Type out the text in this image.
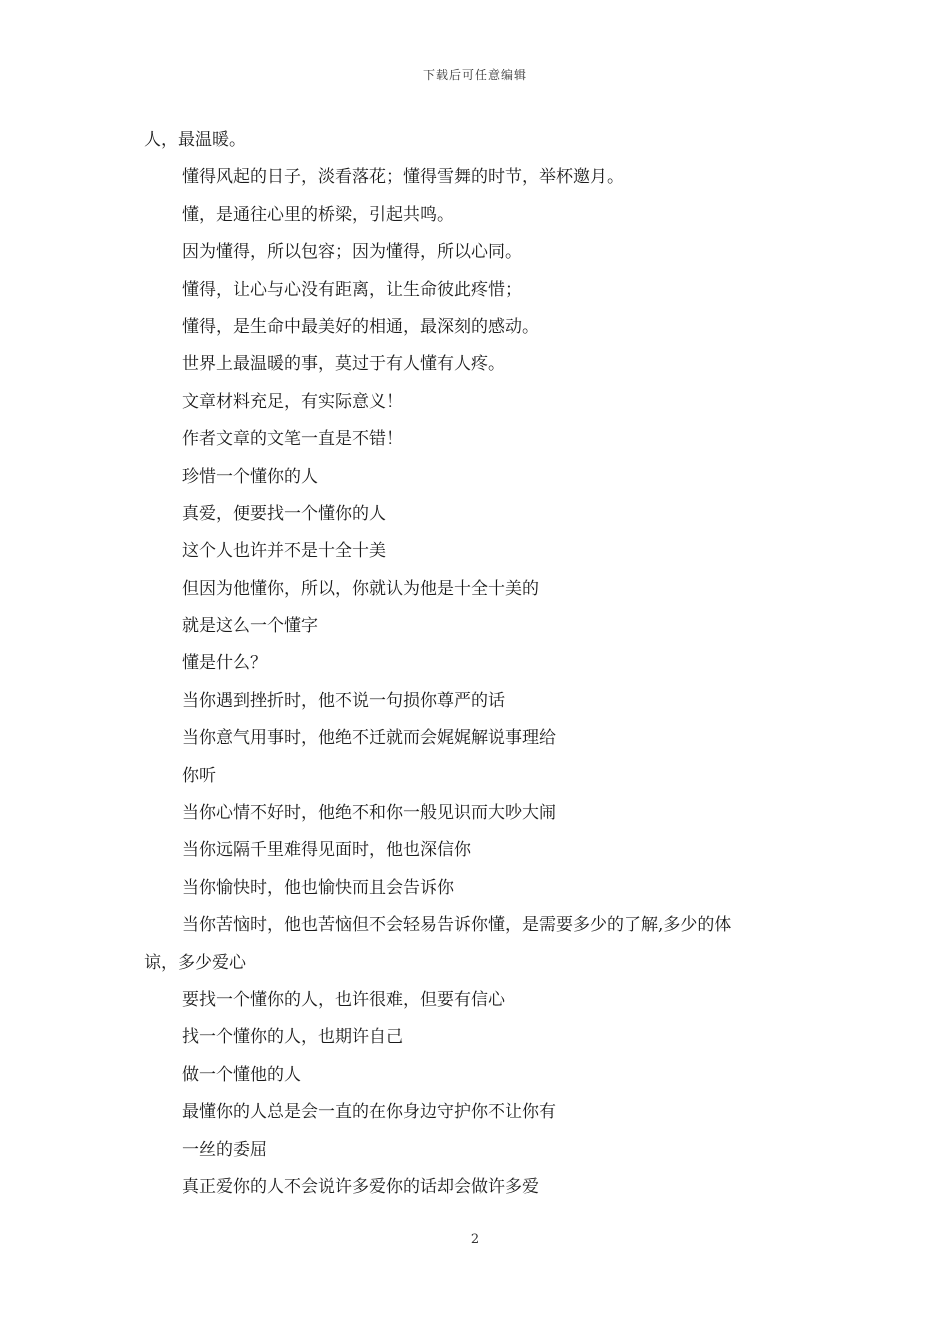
下载后可任意编辑
人，最温暖。
懂得风起的日子，淡看落花；懂得雪舞的时节，举杯邀月。
懂，是通往心里的桥梁，引起共鸣。
因为懂得，所以包容；因为懂得，所以心同。
懂得，让心与心没有距离，让生命彼此疼惜；
懂得，是生命中最美好的相通，最深刻的感动。
世界上最温暖的事，莫过于有人懂有人疼。
文章材料充足，有实际意义！
作者文章的文笔一直是不错！
珍惜一个懂你的人
真爱，便要找一个懂你的人
这个人也许并不是十全十美
但因为他懂你，所以，你就认为他是十全十美的
就是这么一个懂字
懂是什么？
当你遇到挫折时，他不说一句损你尊严的话
当你意气用事时，他绝不迁就而会娓娓解说事理给
你听
当你心情不好时，他绝不和你一般见识而大吵大闹
当你远隔千里难得见面时，他也深信你
当你愉快时，他也愉快而且会告诉你
当你苦恼时，他也苦恼但不会轻易告诉你懂，是需要多少的了解,多少的体
谅，多少爱心
要找一个懂你的人，也许很难，但要有信心
找一个懂你的人，也期许自己
做一个懂他的人
最懂你的人总是会一直的在你身边守护你不让你有
一丝的委屈
真正爱你的人不会说许多爱你的话却会做许多爱
2
